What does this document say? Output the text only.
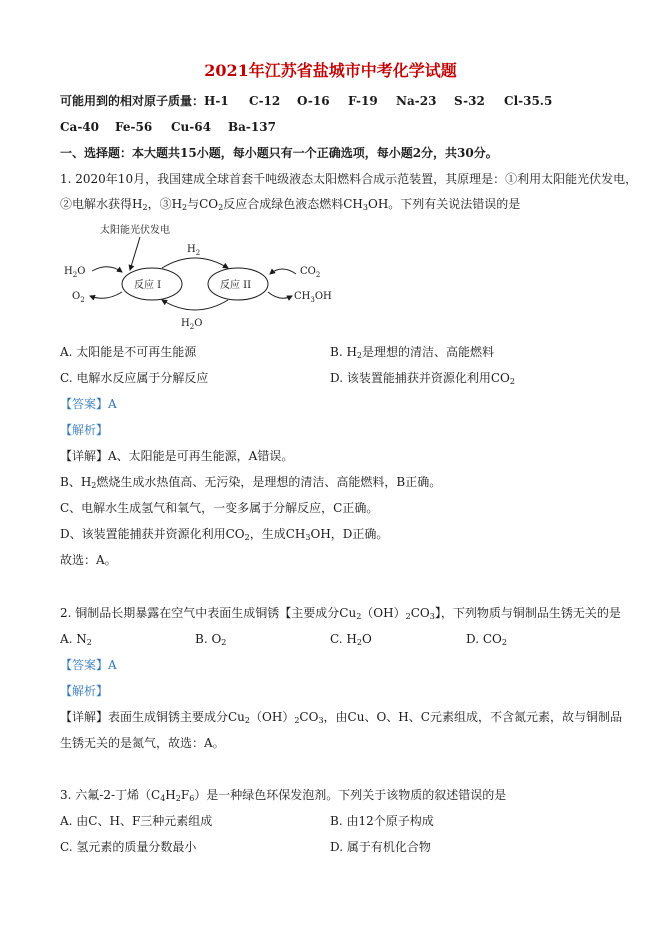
2021年江苏省盐城市中考化学试题
可能用到的相对原子质量：H-1 C-12 O-16 F-19 Na-23 S-32 Cl-35.5
Ca-40 Fe-56 Cu-64 Ba-137
一、选择题：本大题共15小题，每小题只有一个正确选项，每小题2分，共30分。
1. 2020年10月，我国建成全球首套千吨级液态太阳燃料合成示范装置，其原理是：①利用太阳能光伏发电，
②电解水获得$H_2$，$③H_2$与$CO_2$反应合成绿色液态燃料$CH_3OH$。下列有关说法错误的是
太阳能光伏发电
反应 I	反应 II
$H_2$
$H_2O$
$H_2O$
$O_2$
$CO_2$
$CH_3OH$
A. 太阳能是不可再生能源	B. $H_2$是理想的清洁、高能燃料
C. 电解水反应属于分解反应	D. 该装置能捕获并资源化利用$CO_2$
【答案】A
【解析】
【详解】A、太阳能是可再生能源，A错误。
B、$H_2$燃烧生成水热值高、无污染，是理想的清洁、高能燃料，B正确。
C、电解水生成氢气和氧气，一变多属于分解反应，C正确。
D、该装置能捕获并资源化利用$CO_2$，生成$CH_3OH$，D正确。
故选：A。
2. 铜制品长期暴露在空气中表面生成铜锈【主要成分$Cu_2(OH)_2CO_3$】，下列物质与铜制品生锈无关的是
A. $N_2$	B. $O_2$	C. $H_2O$	D. $CO_2$
【答案】A
【解析】
【详解】表面生成铜锈主要成分$Cu_2(OH)_2CO_3$，由Cu、O、H、C元素组成，不含氮元素，故与铜制品
生锈无关的是氮气，故选：A。
3. 六氟-2-丁烯$(C_4H_2F_6)$是一种绿色环保发泡剂。下列关于该物质的叙述错误的是
A. 由C、H、F三种元素组成	B. 由12个原子构成
C. 氢元素的质量分数最小	D. 属于有机化合物
